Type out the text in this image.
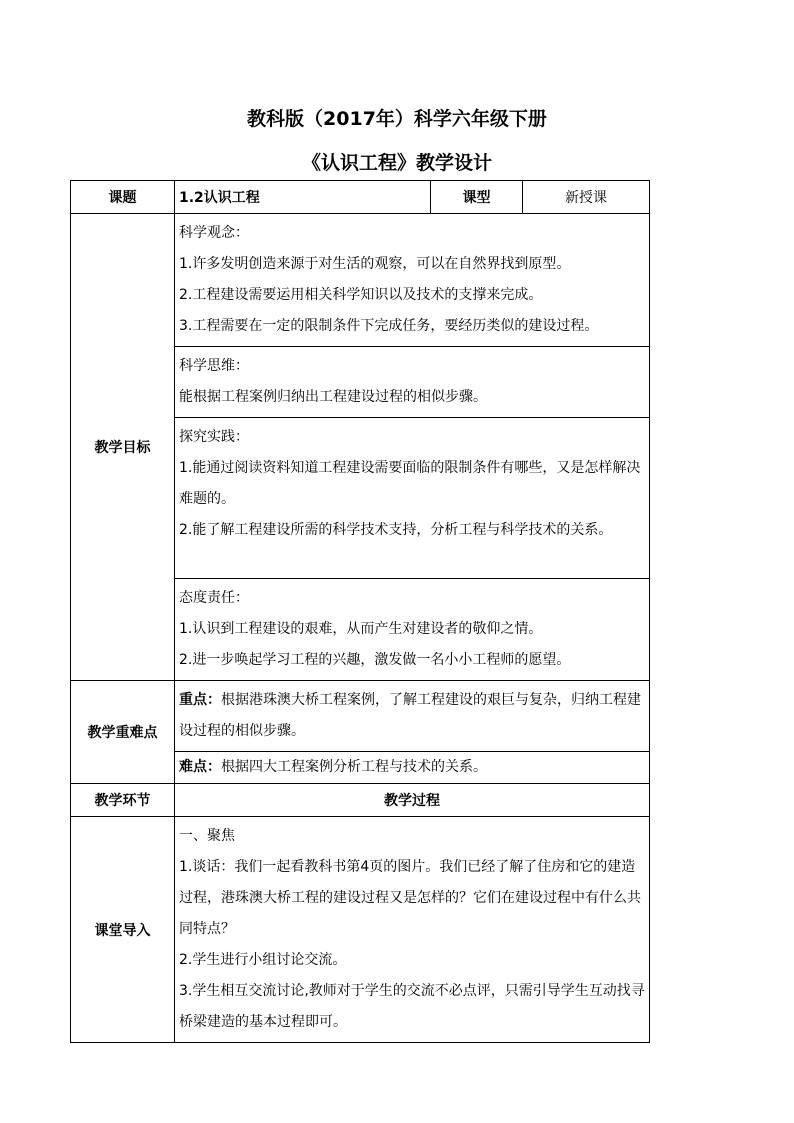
教科版（2017年）科学六年级下册
《认识工程》教学设计
课题	1.2认识工程	课型	新授课
教学目标	科学观念：

1.许多发明创造来源于对生活的观察，可以在自然界找到原型。

2.工程建设需要运用相关科学知识以及技术的支撑来完成。

3.工程需要在一定的限制条件下完成任务，要经历类似的建设过程。		

	科学思维：

能根据工程案例归纳出工程建设过程的相似步骤。		

	探究实践：

1.能通过阅读资料知道工程建设需要面临的限制条件有哪些，又是怎样解决难题的。

2.能了解工程建设所需的科学技术支持，分析工程与科学技术的关系。		

	态度责任：

1.认识到工程建设的艰难，从而产生对建设者的敬仰之情。

2.进一步唤起学习工程的兴趣，激发做一名小小工程师的愿望。		

教学重难点	重点：根据港珠澳大桥工程案例，了解工程建设的艰巨与复杂，归纳工程建设过程的相似步骤。		

	难点：根据四大工程案例分析工程与技术的关系。		

教学环节	教学过程		
课堂导入	一、聚焦

1.谈话：我们一起看教科书第4页的图片。我们已经了解了住房和它的建造过程，港珠澳大桥工程的建设过程又是怎样的？它们在建设过程中有什么共同特点？

2.学生进行小组讨论交流。

3.学生相互交流讨论,教师对于学生的交流不必点评，只需引导学生互动找寻桥梁建造的基本过程即可。		
